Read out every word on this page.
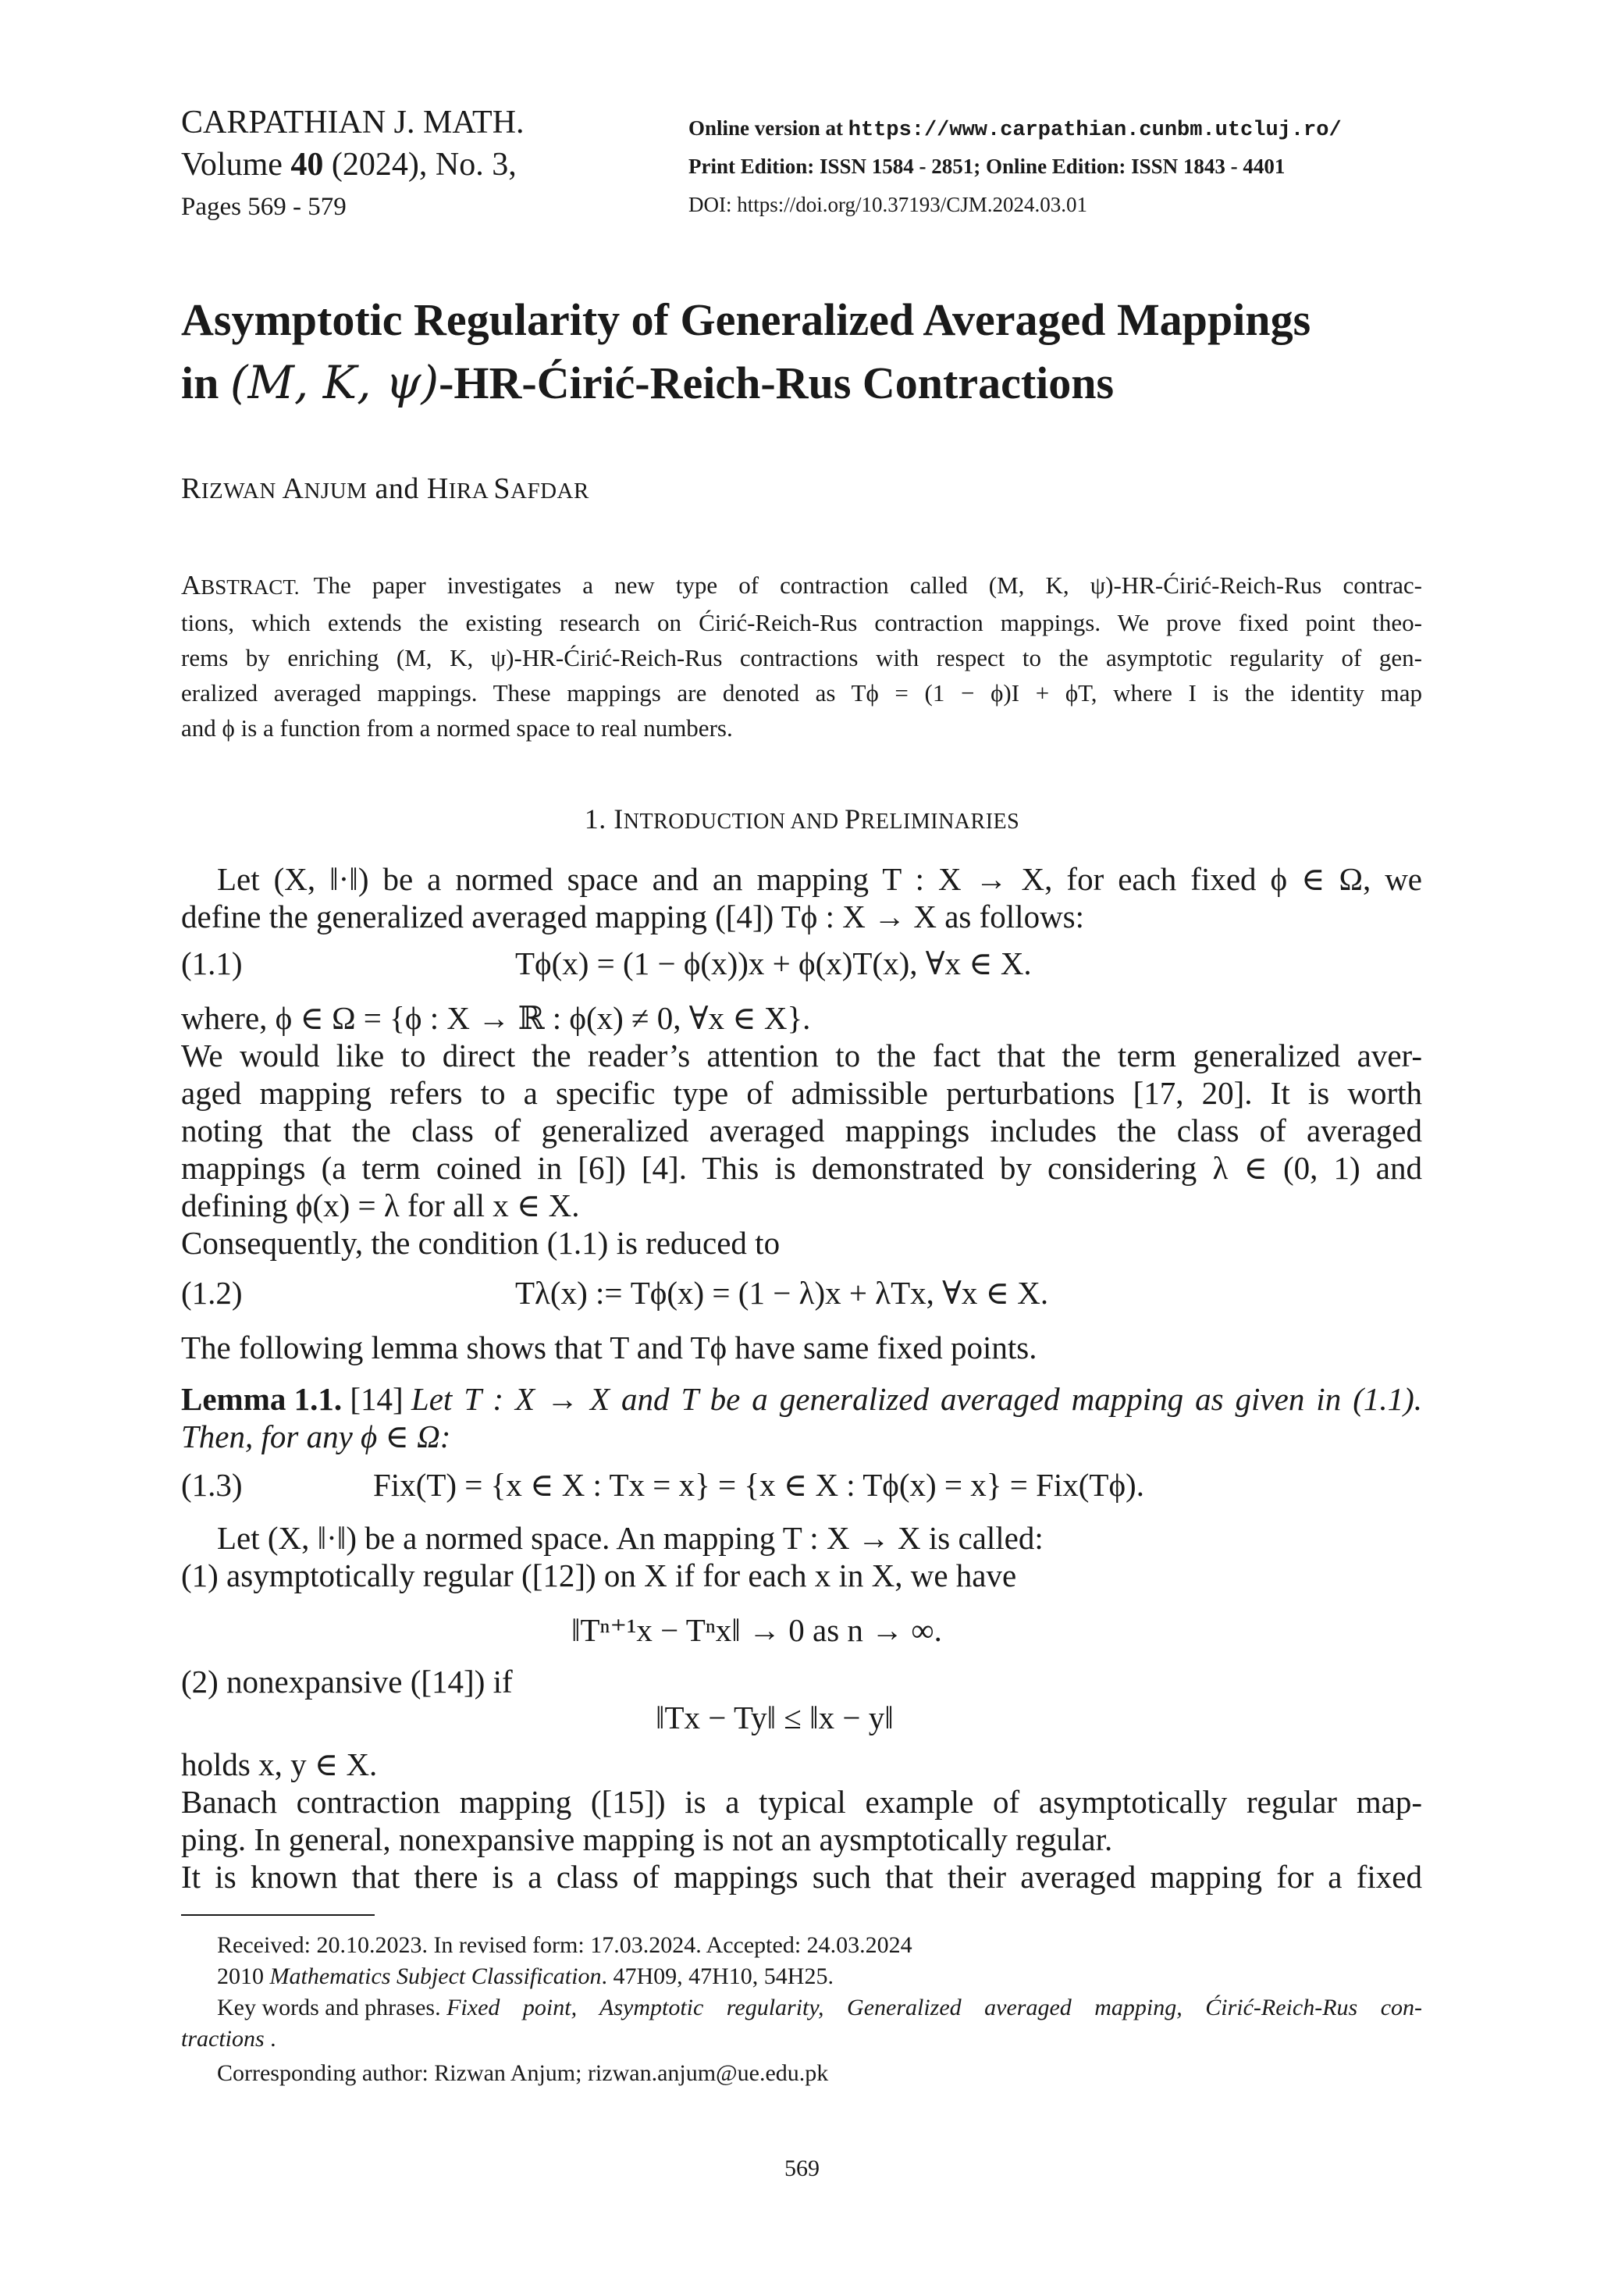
CARPATHIAN J. MATH.
Volume 40 (2024), No. 3,
Pages 569 - 579
Online version at https://www.carpathian.cunbm.utcluj.ro/
Print Edition: ISSN 1584 - 2851; Online Edition: ISSN 1843 - 4401
DOI: https://doi.org/10.37193/CJM.2024.03.01
Asymptotic Regularity of Generalized Averaged Mappings
in (M, K, ψ)-HR-Ćirić-Reich-Rus Contractions
RIZWAN ANJUM and HIRA SAFDAR
ABSTRACT. The paper investigates a new type of contraction called (M, K, ψ)-HR-Ćirić-Reich-Rus contrac-
tions, which extends the existing research on Ćirić-Reich-Rus contraction mappings. We prove fixed point theo-
rems by enriching (M, K, ψ)-HR-Ćirić-Reich-Rus contractions with respect to the asymptotic regularity of gen-
eralized averaged mappings. These mappings are denoted as Tϕ = (1 − ϕ)I + ϕT, where I is the identity map
and ϕ is a function from a normed space to real numbers.
1. INTRODUCTION AND PRELIMINARIES
Let (X, ‖·‖) be a normed space and an mapping T : X → X, for each fixed ϕ ∈ Ω, we
define the generalized averaged mapping ([4]) Tϕ : X → X as follows:
(1.1)	Tϕ(x) = (1 − ϕ(x))x + ϕ(x)T(x), ∀x ∈ X.
where, ϕ ∈ Ω = {ϕ : X → ℝ : ϕ(x) ≠ 0, ∀x ∈ X}.
We would like to direct the reader’s attention to the fact that the term generalized aver-
aged mapping refers to a specific type of admissible perturbations [17, 20]. It is worth
noting that the class of generalized averaged mappings includes the class of averaged
mappings (a term coined in [6]) [4]. This is demonstrated by considering λ ∈ (0, 1) and
defining ϕ(x) = λ for all x ∈ X.
Consequently, the condition (1.1) is reduced to
(1.2)	Tλ(x) := Tϕ(x) = (1 − λ)x + λTx, ∀x ∈ X.
The following lemma shows that T and Tϕ have same fixed points.
Lemma 1.1. [14] Let T : X → X and T be a generalized averaged mapping as given in (1.1).
Then, for any ϕ ∈ Ω:
(1.3)	Fix(T) = {x ∈ X : Tx = x} = {x ∈ X : Tϕ(x) = x} = Fix(Tϕ).
Let (X, ‖·‖) be a normed space. An mapping T : X → X is called:
(1) asymptotically regular ([12]) on X if for each x in X, we have
‖Tⁿ⁺¹x − Tⁿx‖ → 0 as n → ∞.
(2) nonexpansive ([14]) if
‖Tx − Ty‖ ≤ ‖x − y‖
holds x, y ∈ X.
Banach contraction mapping ([15]) is a typical example of asymptotically regular map-
ping. In general, nonexpansive mapping is not an aysmptotically regular.
It is known that there is a class of mappings such that their averaged mapping for a fixed
Received: 20.10.2023. In revised form: 17.03.2024. Accepted: 24.03.2024
2010 Mathematics Subject Classification. 47H09, 47H10, 54H25.
Key words and phrases. Fixed point, Asymptotic regularity, Generalized averaged mapping, Ćirić-Reich-Rus con-
tractions .
Corresponding author: Rizwan Anjum; rizwan.anjum@ue.edu.pk
569
